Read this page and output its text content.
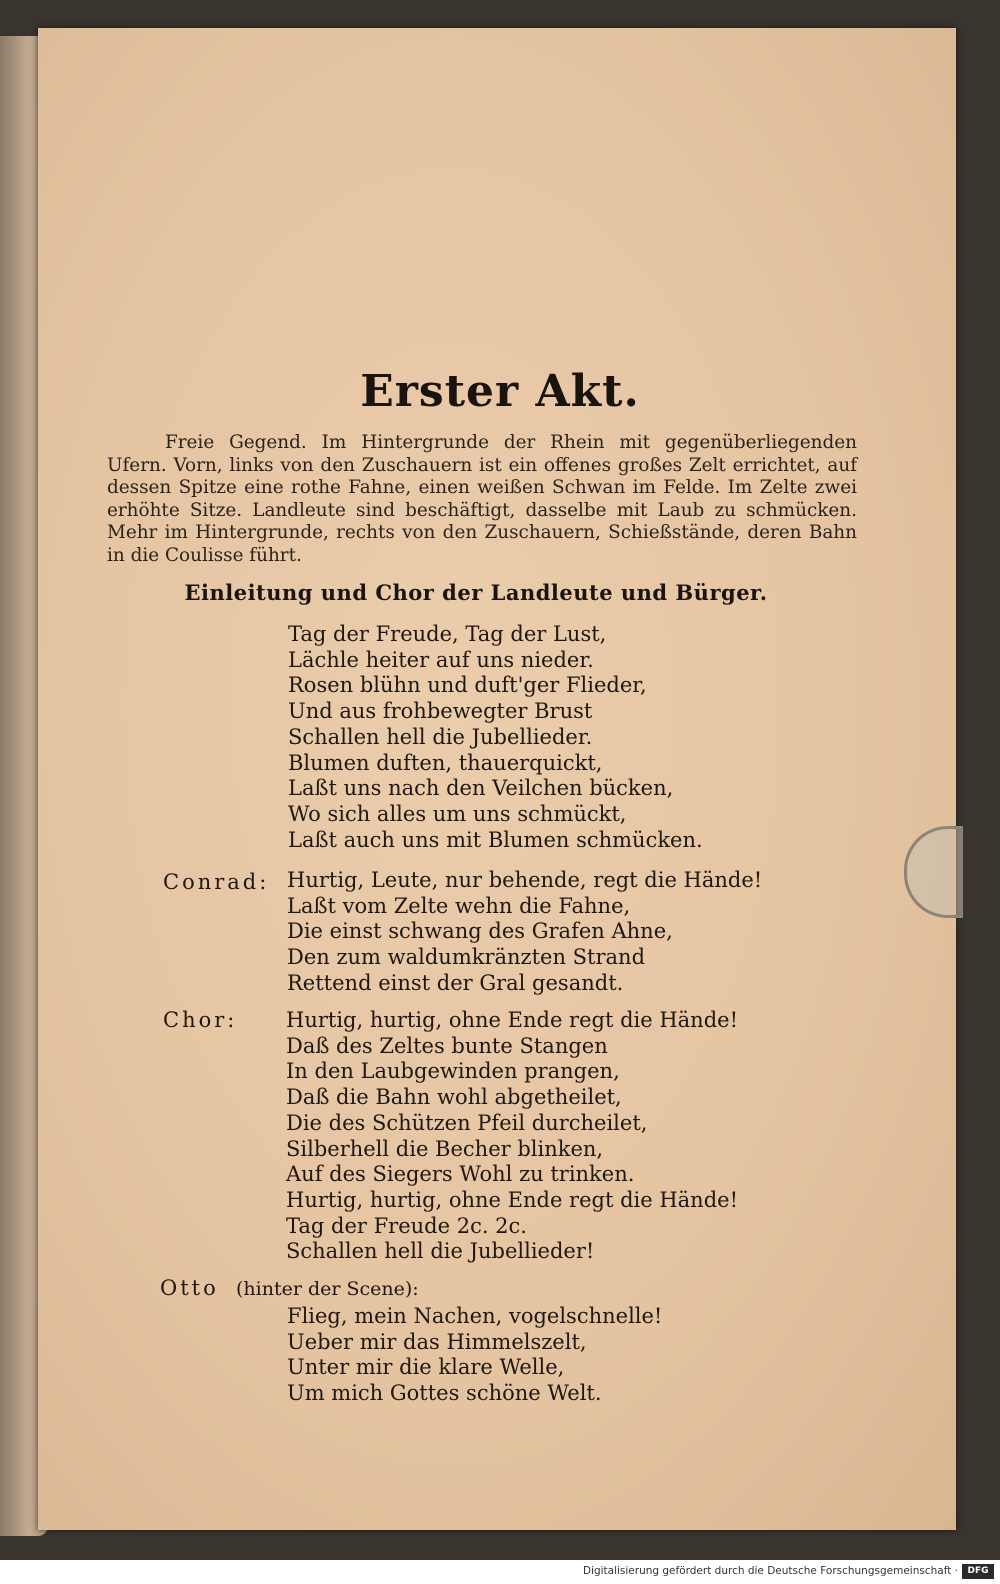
Erster Akt.

Freie Gegend. Im Hintergrunde der Rhein mit gegenüberliegenden Ufern. Vorn, links von den Zuschauern ist ein offenes großes Zelt errichtet, auf dessen Spitze eine rothe Fahne, einen weißen Schwan im Felde. Im Zelte zwei erhöhte Sitze. Landleute sind beschäftigt, dasselbe mit Laub zu schmücken. Mehr im Hintergrunde, rechts von den Zuschauern, Schießstände, deren Bahn in die Coulisse führt.

Einleitung und Chor der Landleute und Bürger.
Tag der Freude, Tag der Lust,
Lächle heiter auf uns nieder.
Rosen blühn und duft'ger Flieder,
Und aus frohbewegter Brust
Schallen hell die Jubellieder.
Blumen duften, thauerquickt,
Laßt uns nach den Veilchen bücken,
Wo sich alles um uns schmückt,
Laßt auch uns mit Blumen schmücken.
Conrad: Hurtig, Leute, nur behende, regt die Hände!
Laßt vom Zelte wehn die Fahne,
Die einst schwang des Grafen Ahne,
Den zum waldumkränzten Strand
Rettend einst der Gral gesandt.
Chor: Hurtig, hurtig, ohne Ende regt die Hände!
Daß des Zeltes bunte Stangen
In den Laubgewinden prangen,
Daß die Bahn wohl abgetheilet,
Die des Schützen Pfeil durcheilet,
Silberhell die Becher blinken,
Auf des Siegers Wohl zu trinken.
Hurtig, hurtig, ohne Ende regt die Hände!
Tag der Freude 2c. 2c.
Schallen hell die Jubellieder!
Otto (hinter der Scene):
Flieg, mein Nachen, vogelschnelle!
Ueber mir das Himmelszelt,
Unter mir die klare Welle,
Um mich Gottes schöne Welt.
Digitalisierung gefördert durch die Deutsche Forschungsgemeinschaft ·	DFG
